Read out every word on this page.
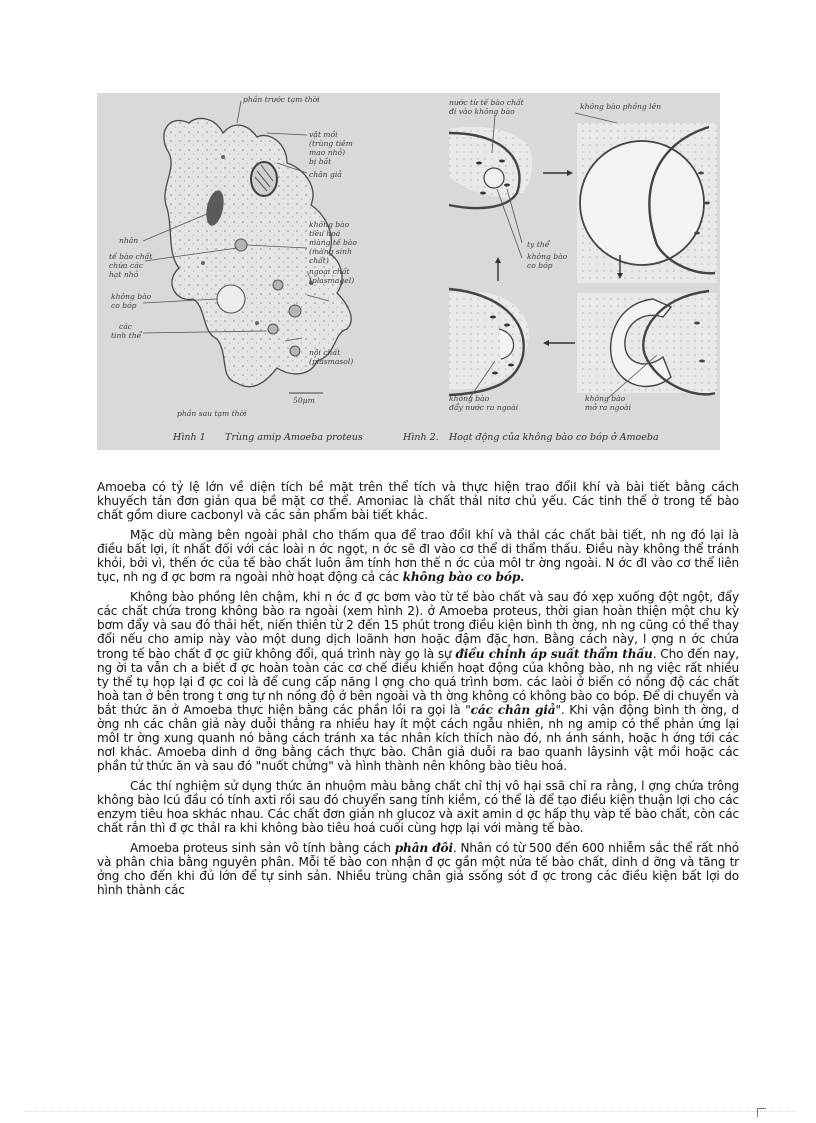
phần trước tạm thời
vật mồi
(trùng tiêm
mao nhỏ)
bị bắt
chân giả
nhân
không bào
tiêu hoá
màng tế bào
(màng sinh
chất)
tế bào chất
chứa các
hạt nhỏ	ngoại chất
(plasmagel)
không bào
co bóp
các
tinh thể
nội chất
(plasmasol)
50μm
phần sau tạm thời
Hình 1 Trùng amip Amoeba proteus
nước từ tế bào chất
đi vào không bào
không bào phồng lên
ty thể
không bào
co bóp
không bào
đẩy nước ra ngoài
không bào
mở ra ngoài
Hình 2. Hoạt động của không bào co bóp ở Amoeba

Amoeba có tỷ lệ lớn về diện tích bề mặt trên thể tích và thực hiện trao đổiI khí và bài tiết bằng cách khuyếch tán đơn giản qua bề mặt cơ thể. Amoniac là chất thảI nitơ chủ yếu. Các tinh thể ở trong tế bào chất gồm diure cacbonyl và các sản phẩm bài tiết khác.

Mặc dù màng bên ngoài phảI cho thấm qua để trao đổiI khí và thảI các chất bài tiết, nh ng đó lại là điều bất lợi, ít nhất đối với các loài n ớc ngọt, n ớc sẽ đI vào cơ thể di thẩm thấu. Điều này không thể tránh khỏi, bởi vì, thến ớc của tế bào chất luôn âm tính hơn thế n ớc của môI tr ờng ngoài. N ớc đI vào cơ thể liên tục, nh ng đ ợc bơm ra ngoài nhờ hoạt động cả các không bào co bóp.

Không bào phồng lên chậm, khi n ớc đ ợc bơm vào từ tế bào chất và sau đó xẹp xuống đột ngột, đẩy các chất chứa trong không bào ra ngoài (xem hình 2). ở Amoeba proteus, thời gian hoàn thiện một chu kỳ bơm đẩy và sau đó thải hết, niến thiên từ 2 đến 15 phút trong điều kiện bình th ờng, nh ng cũng có thể thay đổi nếu cho amip này vào một dung dịch loãnh hơn hoặc đậm đặc hơn. Bằng cách này, l ợng n ớc chứa trong tế bào chất đ ợc giữ không đổi, quá trình này gọ là sự điều chỉnh áp suất thẩm thấu. Cho đến nay, ng ời ta vẫn ch a biết đ ợc hoàn toàn các cơ chế điều khiển hoạt động của không bào, nh ng việc rất nhiều ty thể tụ họp lại đ ợc coi là để cung cấp năng l ợng cho quá trình bơm. các laòi ở biển có nồng độ các chất hoà tan ở bên trong t ơng tự nh nồng độ ở bên ngoài và th ờng không có không bào co bóp. Để di chuyển và bắt thức ăn ở Amoeba thực hiện bằng các phần lồi ra gọi là "các chân giả". Khi vận động bình th ờng, d ờng nh các chân giả này duỗi thẳng ra nhiều hay ít một cách ngẫu nhiên, nh ng amip có thể phản ứng lại môI tr ờng xung quanh nó bằng cách tránh xa tác nhân kích thích nào đó, nh ánh sánh, hoặc h ớng tới các nơI khác. Amoeba dinh d ỡng bằng cách thực bào. Chân giả duỗi ra bao quanh lâysinh vật mồi hoặc các phần tử thức ăn và sau đó "nuốt chửng" và hình thành nên không bào tiêu hoá.

Các thí nghiệm sử dụng thức ăn nhuộm màu bằng chất chỉ thị vô hại ssã chỉ ra rằng, l ợng chứa trông không bào lcú đầu có tính axti rồi sau đó chuyển sang tính kiềm, có thể là để tạo điều kiện thuận lợi cho các enzym tiêu hoa skhác nhau. Các chất đơn giản nh glucoz và axit amin d ợc hấp thụ vàp tế bào chất, còn các chất rắn thì đ ợc thảI ra khi không bào tiêu hoá cuối cùng hợp lại với màng tế bào.

Amoeba proteus sinh sản vô tính bằng cách phân đôi. Nhân có từ 500 đến 600 nhiễm sắc thể rất nhỏ và phân chia bằng nguyên phân. Mỗi tế bào con nhận đ ợc gần một nửa tế bào chất, dinh d ỡng và tăng tr ởng cho đến khi đủ lớn để tự sinh sản. Nhiều trùng chân giả ssống sót đ ợc trong các điều kiện bất lợi do hình thành các
